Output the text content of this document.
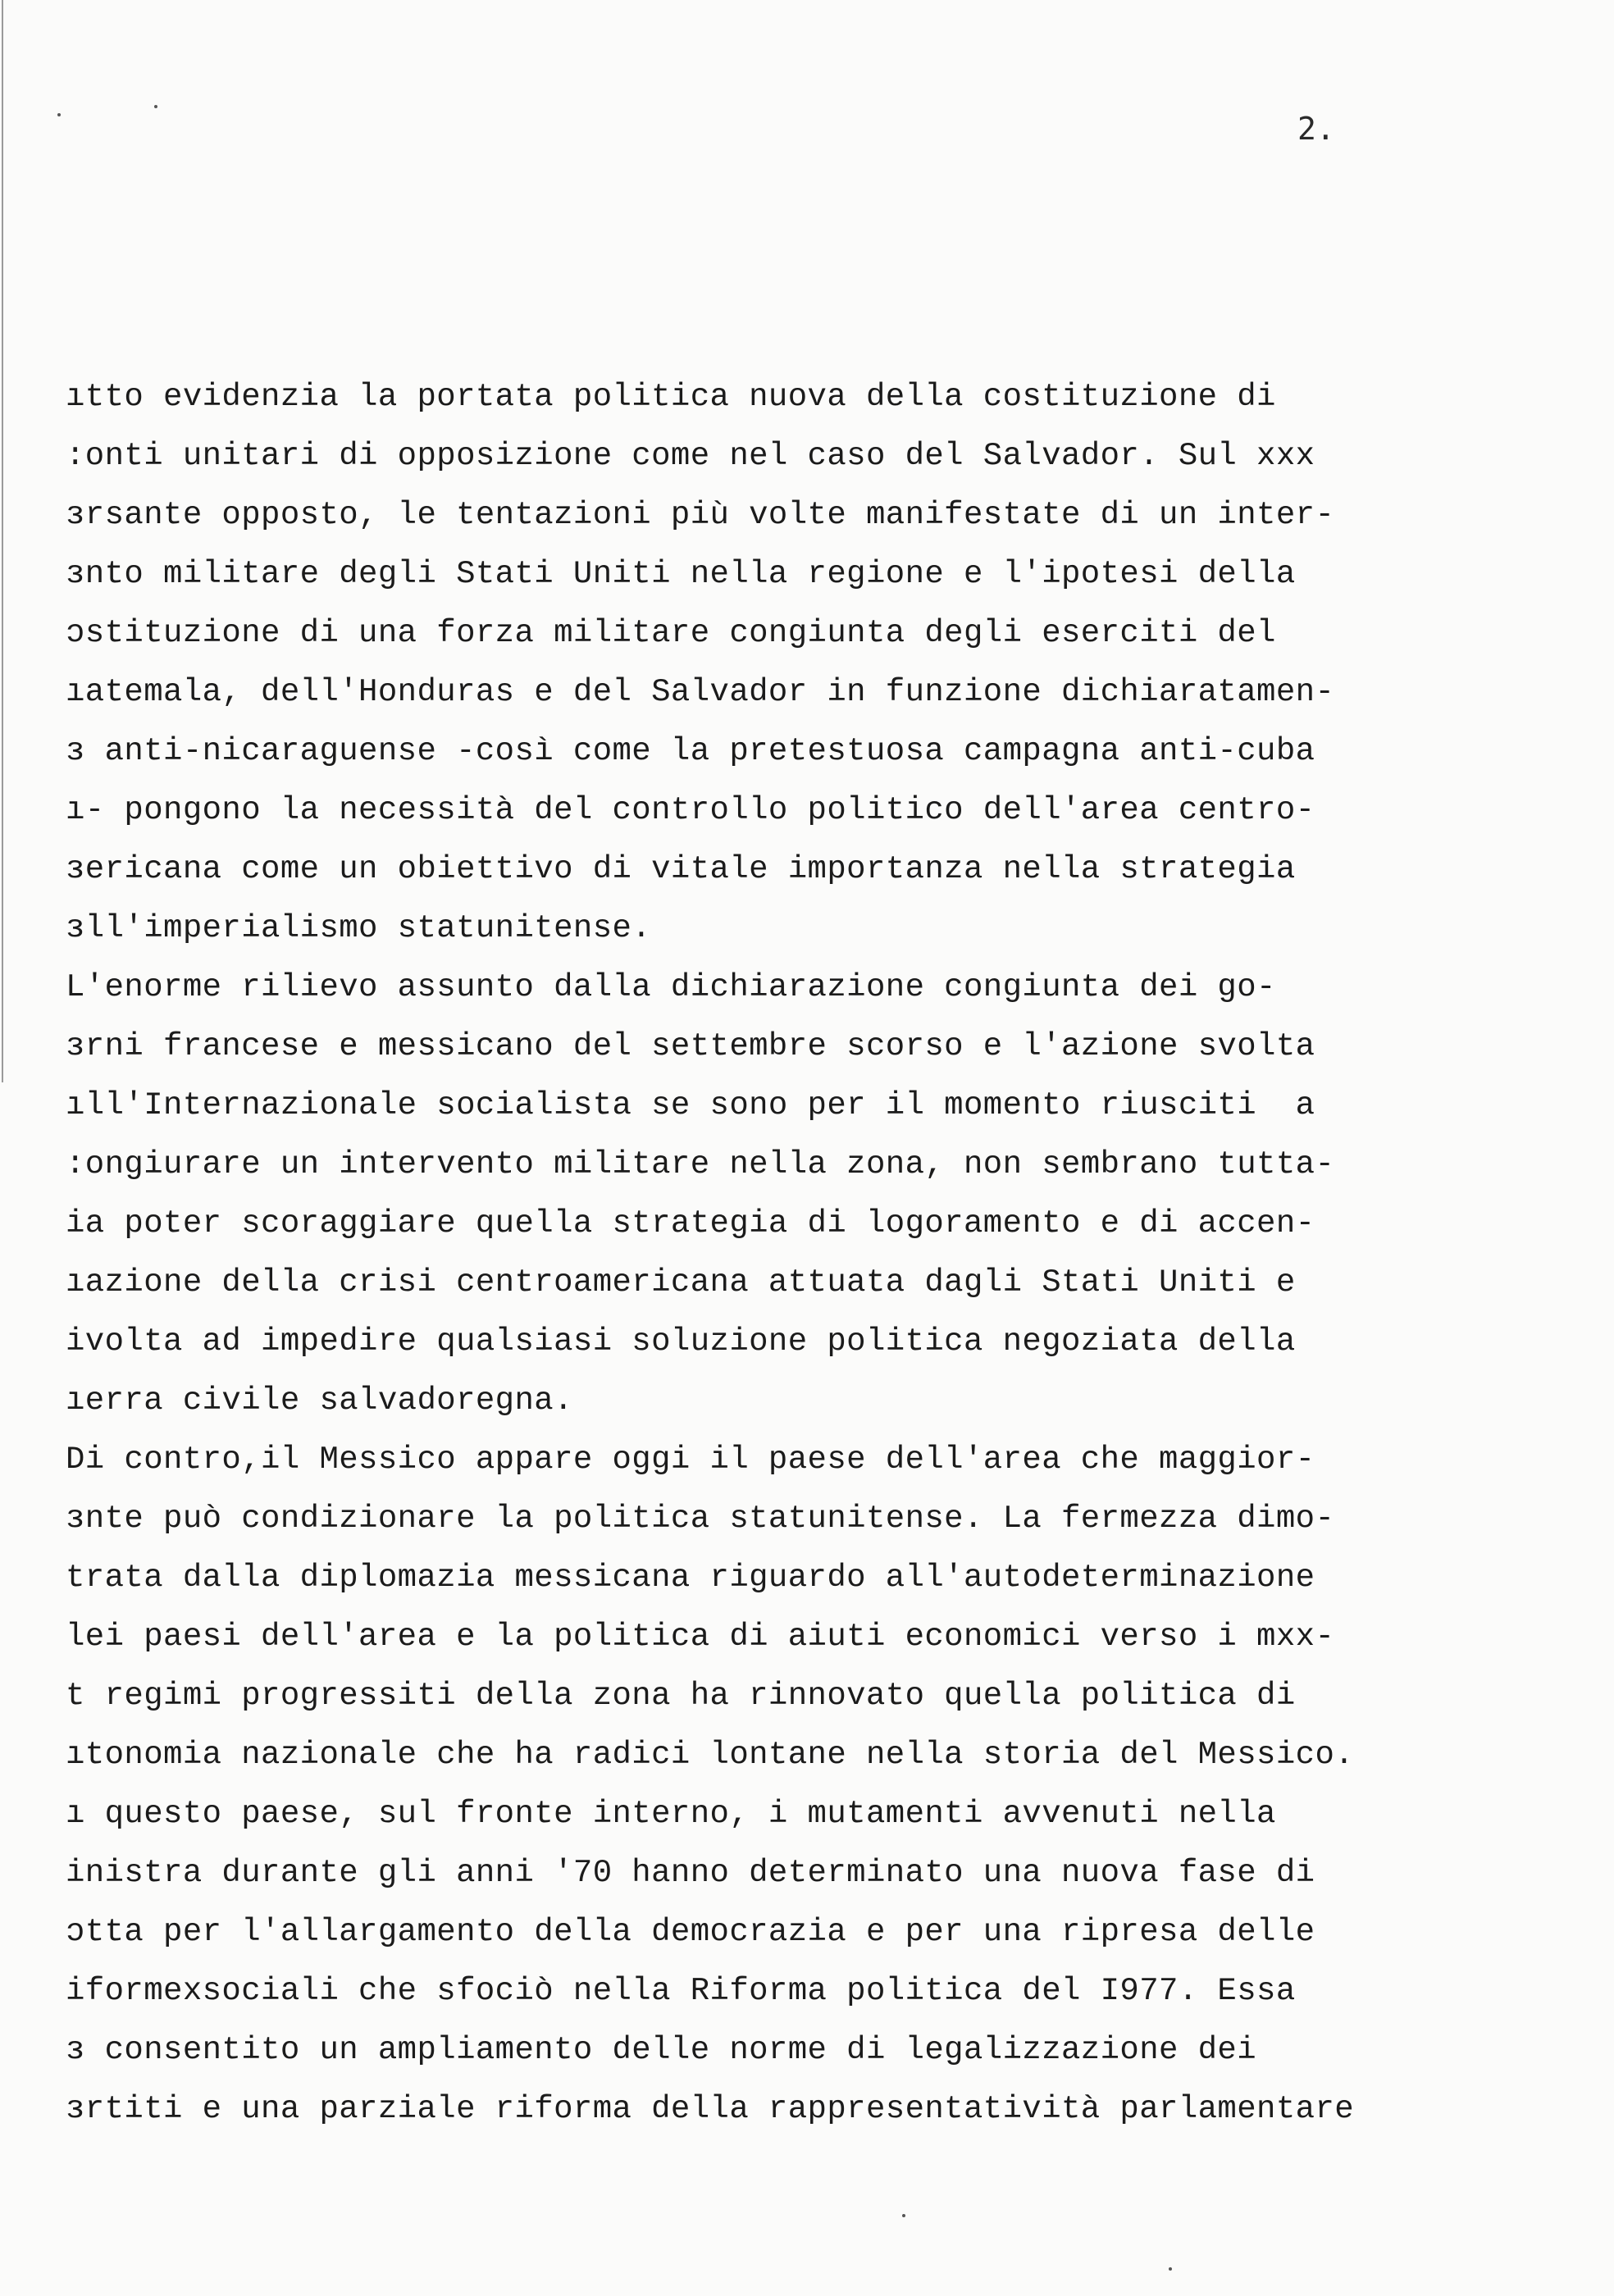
2.
ıtto evidenzia la portata politica nuova della costituzione di
:onti unitari di opposizione come nel caso del Salvador. Sul xxx
ɜrsante opposto, le tentazioni più volte manifestate di un inter-
ɜnto militare degli Stati Uniti nella regione e l'ipotesi della
ɔstituzione di una forza militare congiunta degli eserciti del
ıatemala, dell'Honduras e del Salvador in funzione dichiaratamen-
ɜ anti-nicaraguense -così come la pretestuosa campagna anti-cuba
ı- pongono la necessità del controllo politico dell'area centro-
ɜericana come un obiettivo di vitale importanza nella strategia
ɜll'imperialismo statunitense.
L'enorme rilievo assunto dalla dichiarazione congiunta dei go-
ɜrni francese e messicano del settembre scorso e l'azione svolta
ıll'Internazionale socialista se sono per il momento riusciti  a
:ongiurare un intervento militare nella zona, non sembrano tutta-
ia poter scoraggiare quella strategia di logoramento e di accen-
ıazione della crisi centroamericana attuata dagli Stati Uniti e
ivolta ad impedire qualsiasi soluzione politica negoziata della
ıerra civile salvadoregna.
Di contro,il Messico appare oggi il paese dell'area che maggior-
ɜnte può condizionare la politica statunitense. La fermezza dimo-
trata dalla diplomazia messicana riguardo all'autodeterminazione
lei paesi dell'area e la politica di aiuti economici verso i mxx-
t regimi progressiti della zona ha rinnovato quella politica di
ıtonomia nazionale che ha radici lontane nella storia del Messico.
ı questo paese, sul fronte interno, i mutamenti avvenuti nella
inistra durante gli anni '70 hanno determinato una nuova fase di
ɔtta per l'allargamento della democrazia e per una ripresa delle
iformexsociali che sfociò nella Riforma politica del I977. Essa
ɜ consentito un ampliamento delle norme di legalizzazione dei
ɜrtiti e una parziale riforma della rappresentatività parlamentare
